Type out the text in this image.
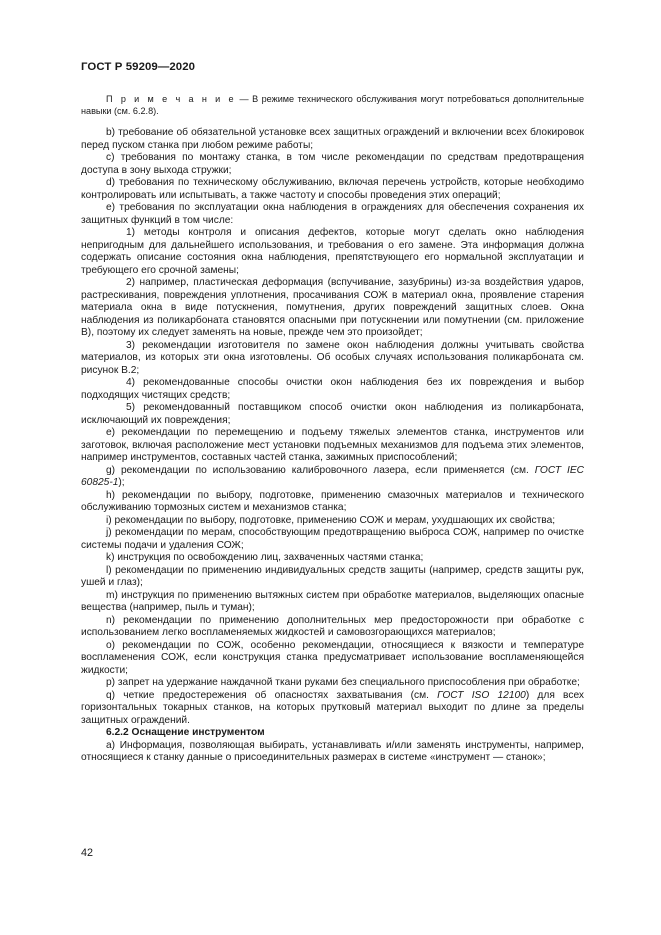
ГОСТ Р 59209—2020

П р и м е ч а н и е — В режиме технического обслуживания могут потребоваться дополнительные навыки (см. 6.2.8).

b) требование об обязательной установке всех защитных ограждений и включении всех блокировок перед пуском станка при любом режиме работы;

c) требования по монтажу станка, в том числе рекомендации по средствам предотвращения доступа в зону выхода стружки;

d) требования по техническому обслуживанию, включая перечень устройств, которые необходимо контролировать или испытывать, а также частоту и способы проведения этих операций;

e) требования по эксплуатации окна наблюдения в ограждениях для обеспечения сохранения их защитных функций в том числе:

1) методы контроля и описания дефектов, которые могут сделать окно наблюдения непригодным для дальнейшего использования, и требования о его замене. Эта информация должна содержать описание состояния окна наблюдения, препятствующего его нормальной эксплуатации и требующего его срочной замены;

2) например, пластическая деформация (вспучивание, зазубрины) из-за воздействия ударов, растрескивания, повреждения уплотнения, просачивания СОЖ в материал окна, проявление старения материала окна в виде потускнения, помутнения, других повреждений защитных слоев. Окна наблюдения из поликарбоната становятся опасными при потускнении или помутнении (см. приложение В), поэтому их следует заменять на новые, прежде чем это произойдет;

3) рекомендации изготовителя по замене окон наблюдения должны учитывать свойства материалов, из которых эти окна изготовлены. Об особых случаях использования поликарбоната см. рисунок В.2;

4) рекомендованные способы очистки окон наблюдения без их повреждения и выбор подходящих чистящих средств;

5) рекомендованный поставщиком способ очистки окон наблюдения из поликарбоната, исключающий их повреждения;

е) рекомендации по перемещению и подъему тяжелых элементов станка, инструментов или заготовок, включая расположение мест установки подъемных механизмов для подъема этих элементов, например инструментов, составных частей станка, зажимных приспособлений;

g) рекомендации по использованию калибровочного лазера, если применяется (см. ГОСТ IEC 60825-1);

h) рекомендации по выбору, подготовке, применению смазочных материалов и технического обслуживанию тормозных систем и механизмов станка;

i) рекомендации по выбору, подготовке, применению СОЖ и мерам, ухудшающих их свойства;

j) рекомендации по мерам, способствующим предотвращению выброса СОЖ, например по очистке системы подачи и удаления СОЖ;

k) инструкция по освобождению лиц, захваченных частями станка;

l) рекомендации по применению индивидуальных средств защиты (например, средств защиты рук, ушей и глаз);

m) инструкция по применению вытяжных систем при обработке материалов, выделяющих опасные вещества (например, пыль и туман);

n) рекомендации по применению дополнительных мер предосторожности при обработке с использованием легко воспламеняемых жидкостей и самовозгорающихся материалов;

o) рекомендации по СОЖ, особенно рекомендации, относящиеся к вязкости и температуре воспламенения СОЖ, если конструкция станка предусматривает использование воспламеняющейся жидкости;

p) запрет на удержание наждачной ткани руками без специального приспособления при обработке;

q) четкие предостережения об опасностях захватывания (см. ГОСТ ISO 12100) для всех горизонтальных токарных станков, на которых прутковый материал выходит по длине за пределы защитных ограждений.

6.2.2 Оснащение инструментом

а) Информация, позволяющая выбирать, устанавливать и/или заменять инструменты, например, относящиеся к станку данные о присоединительных размерах в системе «инструмент — станок»;

42
